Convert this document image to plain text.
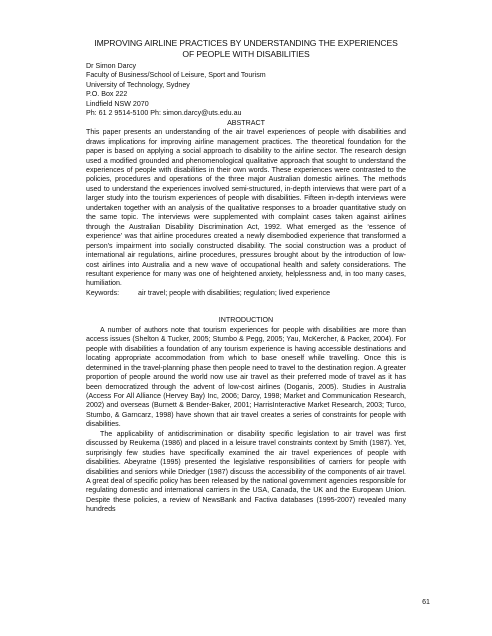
IMPROVING AIRLINE PRACTICES BY UNDERSTANDING THE EXPERIENCES OF PEOPLE WITH DISABILITIES
Dr Simon Darcy
Faculty of Business/School of Leisure, Sport and Tourism
University of Technology, Sydney
P.O. Box 222
Lindfield NSW 2070
Ph: 61 2 9514-5100 Ph: simon.darcy@uts.edu.au
ABSTRACT
This paper presents an understanding of the air travel experiences of people with disabilities and draws implications for improving airline management practices. The theoretical foundation for the paper is based on applying a social approach to disability to the airline sector. The research design used a modified grounded and phenomenological qualitative approach that sought to understand the experiences of people with disabilities in their own words. These experiences were contrasted to the policies, procedures and operations of the three major Australian domestic airlines. The methods used to understand the experiences involved semi-structured, in-depth interviews that were part of a larger study into the tourism experiences of people with disabilities. Fifteen in-depth interviews were undertaken together with an analysis of the qualitative responses to a broader quantitative study on the same topic. The interviews were supplemented with complaint cases taken against airlines through the Australian Disability Discrimination Act, 1992. What emerged as the ‘essence of experience’ was that airline procedures created a newly disembodied experience that transformed a person's impairment into socially constructed disability. The social construction was a product of international air regulations, airline procedures, pressures brought about by the introduction of low-cost airlines into Australia and a new wave of occupational health and safety considerations. The resultant experience for many was one of heightened anxiety, helplessness and, in too many cases, humiliation.
Keywords:	air travel; people with disabilities; regulation; lived experience
INTRODUCTION

A number of authors note that tourism experiences for people with disabilities are more than access issues (Shelton & Tucker, 2005; Stumbo & Pegg, 2005; Yau, McKercher, & Packer, 2004). For people with disabilities a foundation of any tourism experience is having accessible destinations and locating appropriate accommodation from which to base oneself while travelling. Once this is determined in the travel-planning phase then people need to travel to the destination region. A greater proportion of people around the world now use air travel as their preferred mode of travel as it has been democratized through the advent of low-cost airlines (Doganis, 2005). Studies in Australia (Access For All Alliance (Hervey Bay) Inc, 2006; Darcy, 1998; Market and Communication Research, 2002) and overseas (Burnett & Bender-Baker, 2001; HarrisInteractive Market Research, 2003; Turco, Stumbo, & Garncarz, 1998) have shown that air travel creates a series of constraints for people with disabilities.

The applicability of antidiscrimination or disability specific legislation to air travel was first discussed by Reukema (1986) and placed in a leisure travel constraints context by Smith (1987). Yet, surprisingly few studies have specifically examined the air travel experiences of people with disabilities. Abeyratne (1995) presented the legislative responsibilities of carriers for people with disabilities and seniors while Driedger (1987) discuss the accessibility of the components of air travel. A great deal of specific policy has been released by the national government agencies responsible for regulating domestic and international carriers in the USA, Canada, the UK and the European Union. Despite these policies, a review of NewsBank and Factiva databases (1995-2007) revealed many hundreds

61
